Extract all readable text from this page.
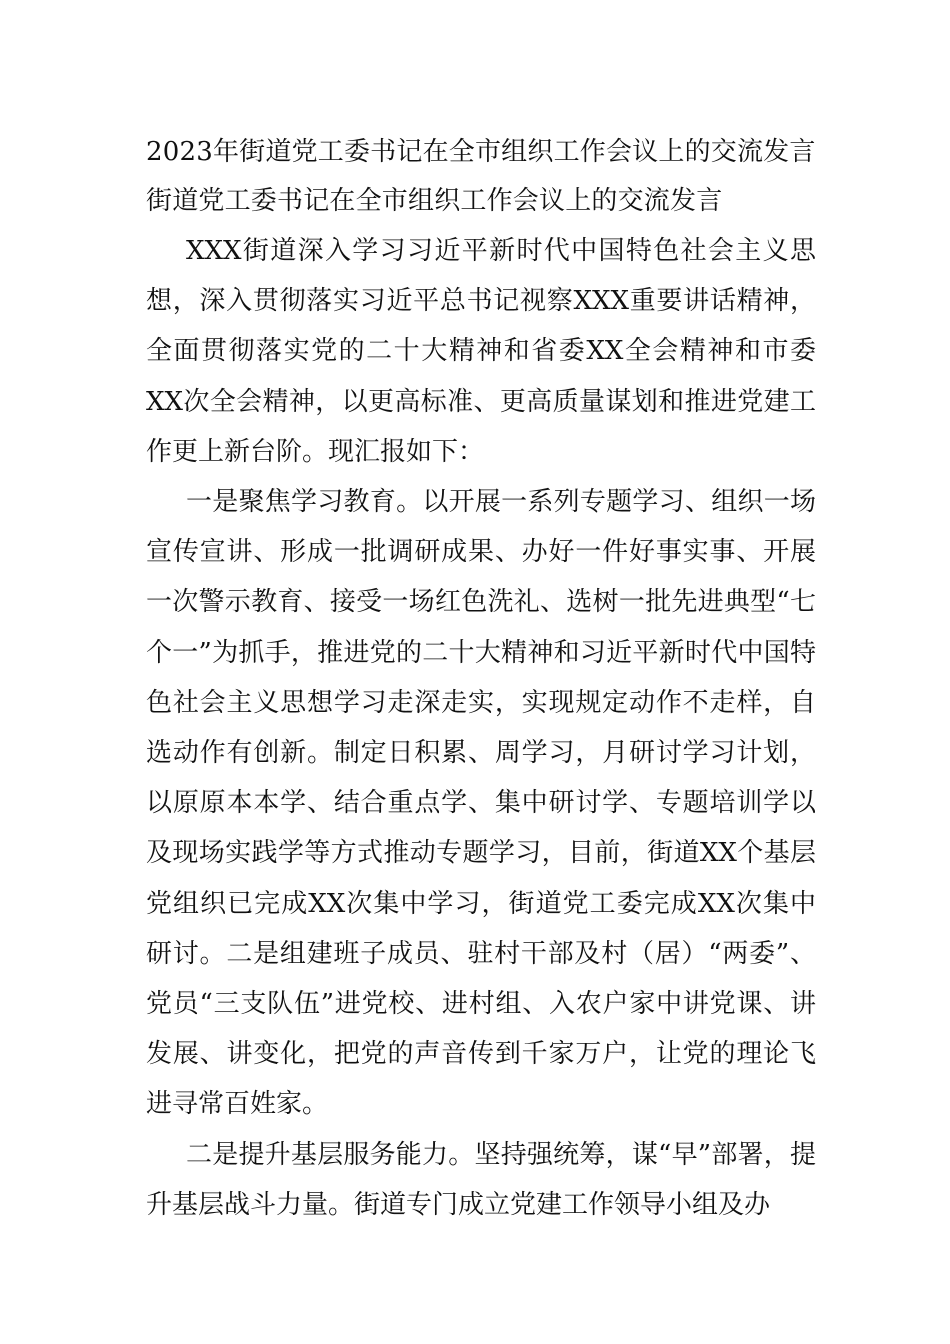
2023年街道党工委书记在全市组织工作会议上的交流发言
街道党工委书记在全市组织工作会议上的交流发言

XXX街道深入学习习近平新时代中国特色社会主义思想，深入贯彻落实习近平总书记视察XXX重要讲话精神，全面贯彻落实党的二十大精神和省委XX全会精神和市委XX次全会精神，以更高标准、更高质量谋划和推进党建工作更上新台阶。现汇报如下：

一是聚焦学习教育。以开展一系列专题学习、组织一场宣传宣讲、形成一批调研成果、办好一件好事实事、开展一次警示教育、接受一场红色洗礼、选树一批先进典型“七个一”为抓手，推进党的二十大精神和习近平新时代中国特色社会主义思想学习走深走实，实现规定动作不走样，自选动作有创新。制定日积累、周学习，月研讨学习计划，以原原本本学、结合重点学、集中研讨学、专题培训学以及现场实践学等方式推动专题学习，目前，街道XX个基层党组织已完成XX次集中学习，街道党工委完成XX次集中研讨。二是组建班子成员、驻村干部及村（居）“两委”、党员“三支队伍”进党校、进村组、入农户家中讲党课、讲发展、讲变化，把党的声音传到千家万户，让党的理论飞进寻常百姓家。

二是提升基层服务能力。坚持强统筹，谋“早”部署，提升基层战斗力量。街道专门成立党建工作领导小组及办
